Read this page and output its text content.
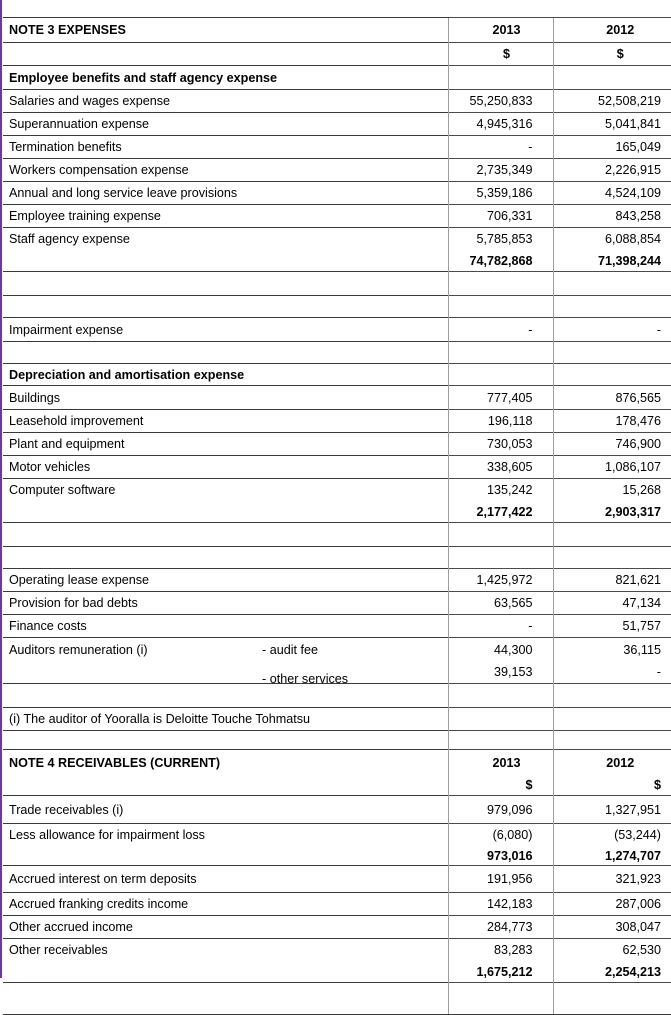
NOTE 3 EXPENSES	2013	2012
	$	$
Employee benefits and staff agency expense		
Salaries and wages expense	55,250,833	52,508,219
Superannuation expense	4,945,316	5,041,841
Termination benefits	-	165,049
Workers compensation expense	2,735,349	2,226,915
Annual and long service leave provisions	5,359,186	4,524,109
Employee training expense	706,331	843,258
Staff agency expense	5,785,853	6,088,854
	74,782,868	71,398,244

Impairment expense	-	-

Depreciation and amortisation expense		
Buildings	777,405	876,565
Leasehold improvement	196,118	178,476
Plant and equipment	730,053	746,900
Motor vehicles	338,605	1,086,107
Computer software	135,242	15,268
	2,177,422	2,903,317

Operating lease expense	1,425,972	821,621
Provision for bad debts	63,565	47,134
Finance costs	-	51,757
Auditors remuneration (i) - audit fee	44,300	36,115

- other services	39,153	-

(i) The auditor of Yooralla is Deloitte Touche Tohmatsu		

NOTE 4 RECEIVABLES (CURRENT)	2013	2012
	$	$
Trade receivables (i)	979,096	1,327,951
Less allowance for impairment loss	(6,080)	(53,244)
	973,016	1,274,707
Accrued interest on term deposits	191,956	321,923
Accrued franking credits income	142,183	287,006
Other accrued income	284,773	308,047
Other receivables	83,283	62,530
	1,675,212	2,254,213
